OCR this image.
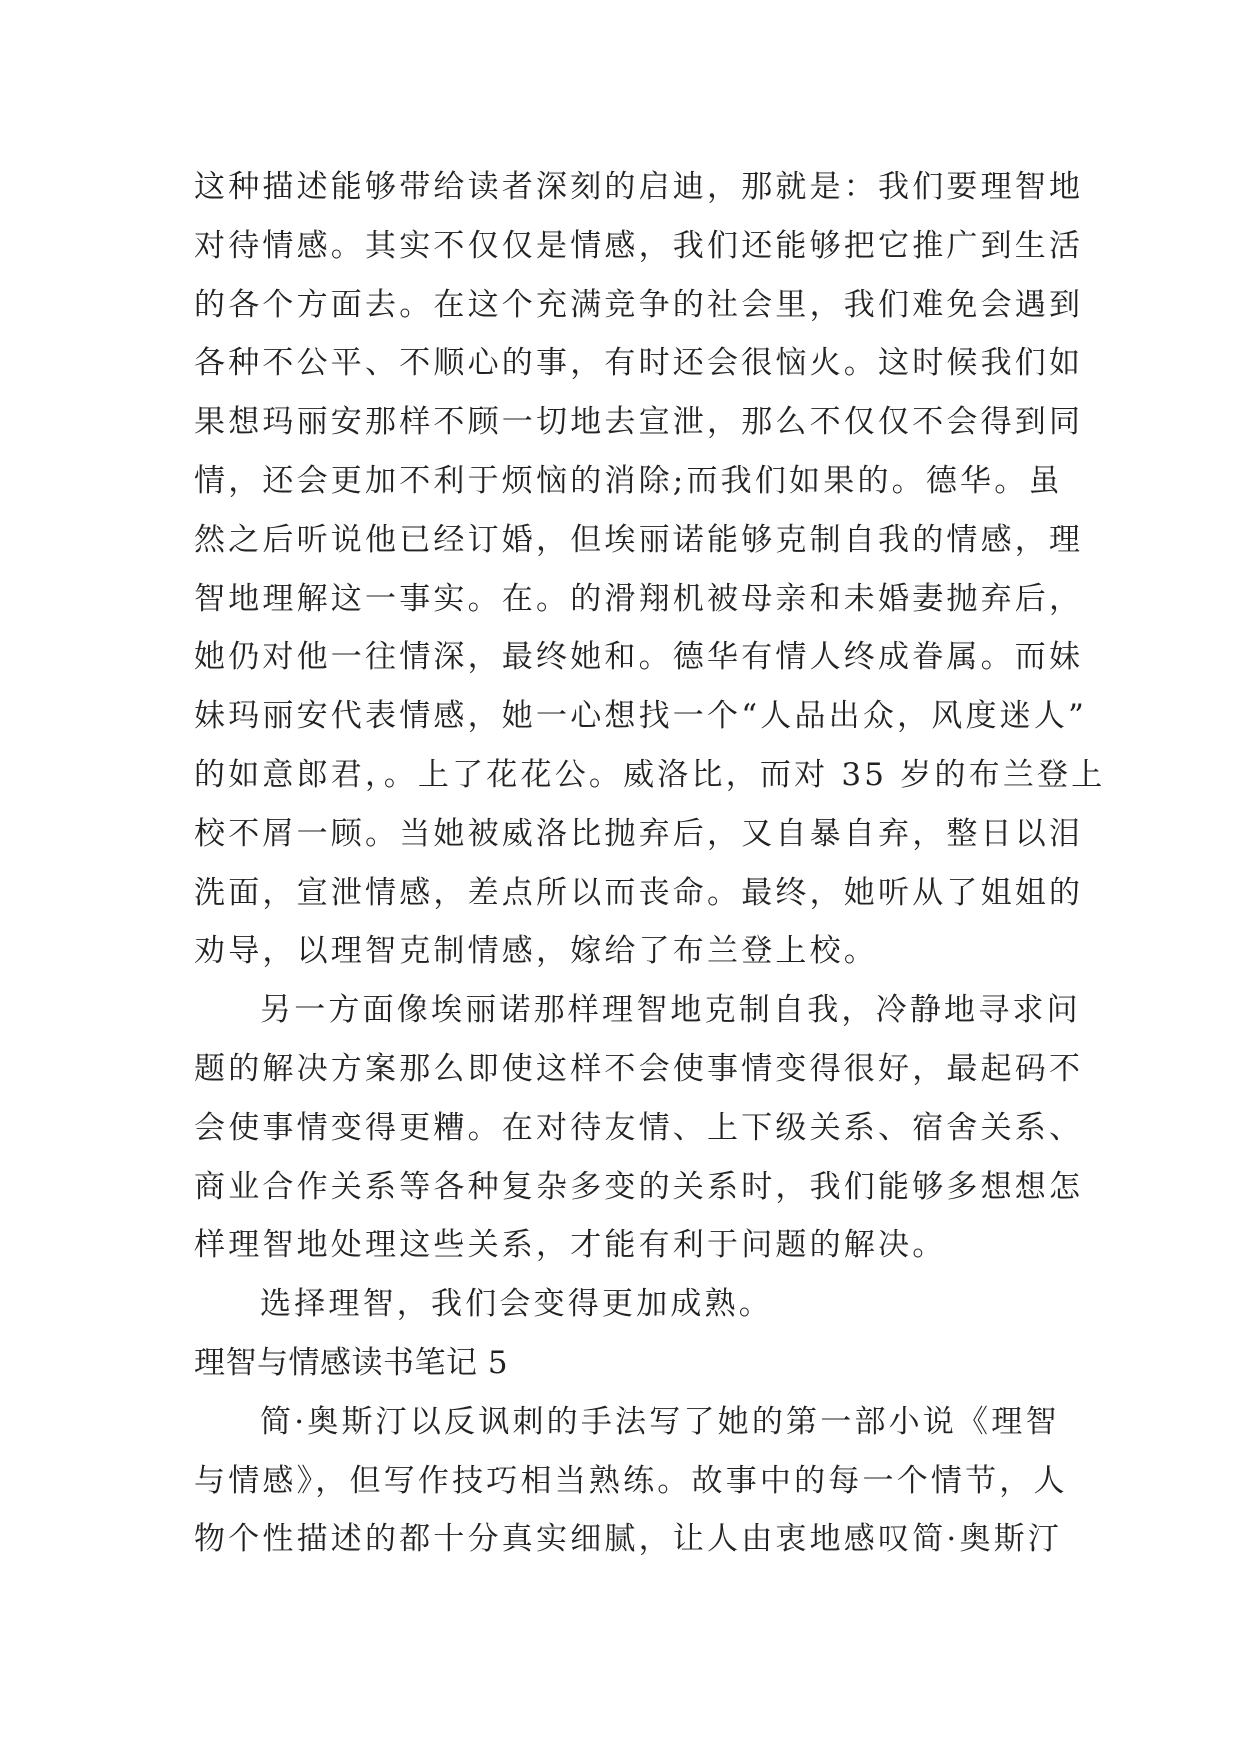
这种描述能够带给读者深刻的启迪，那就是：我们要理智地
对待情感。其实不仅仅是情感，我们还能够把它推广到生活
的各个方面去。在这个充满竞争的社会里，我们难免会遇到
各种不公平、不顺心的事，有时还会很恼火。这时候我们如
果想玛丽安那样不顾一切地去宣泄，那么不仅仅不会得到同
情，还会更加不利于烦恼的消除;而我们如果的。德华。虽
然之后听说他已经订婚，但埃丽诺能够克制自我的情感，理
智地理解这一事实。在。的滑翔机被母亲和未婚妻抛弃后，
她仍对他一往情深，最终她和。德华有情人终成眷属。而妹
妹玛丽安代表情感，她一心想找一个“人品出众，风度迷人”
的如意郎君，。上了花花公。威洛比，而对 35 岁的布兰登上
校不屑一顾。当她被威洛比抛弃后，又自暴自弃，整日以泪
洗面，宣泄情感，差点所以而丧命。最终，她听从了姐姐的
劝导，以理智克制情感，嫁给了布兰登上校。
另一方面像埃丽诺那样理智地克制自我，冷静地寻求问
题的解决方案那么即使这样不会使事情变得很好，最起码不
会使事情变得更糟。在对待友情、上下级关系、宿舍关系、
商业合作关系等各种复杂多变的关系时，我们能够多想想怎
样理智地处理这些关系，才能有利于问题的解决。
选择理智，我们会变得更加成熟。
理智与情感读书笔记 5
简·奥斯汀以反讽刺的手法写了她的第一部小说《理智
与情感》，但写作技巧相当熟练。故事中的每一个情节，人
物个性描述的都十分真实细腻，让人由衷地感叹简·奥斯汀
